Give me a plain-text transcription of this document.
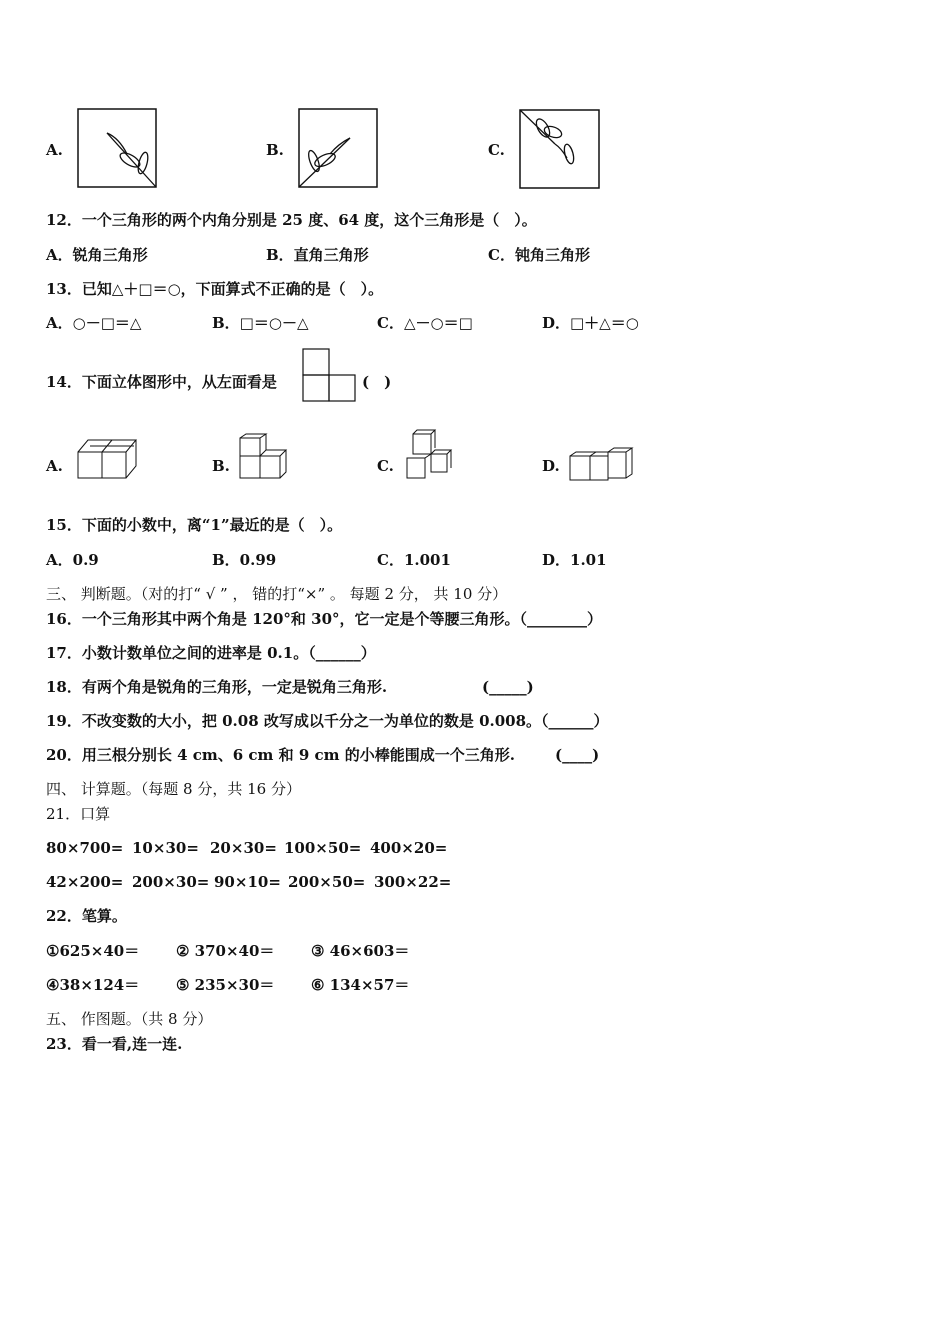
A.	B.	C.
12．一个三角形的两个内角分别是 25 度、64 度，这个三角形是（　）。
A．锐角三角形	B．直角三角形	C．钝角三角形
13．已知△＋□＝○，下面算式不正确的是（　）。
A．○－□＝△	B．□＝○－△	C．△－○＝□	D．□＋△＝○
14．下面立体图形中，从左面看是	(　)
A.	B.	C.	D.
15．下面的小数中，离“1”最近的是（　）。
A．0.9	B．0.99	C．1.001	D．1.01
三、 判断题。（对的打“ √ ” ， 错的打“×” 。 每题 2 分， 共 10 分）
16．一个三角形其中两个角是 120°和 30°，它一定是个等腰三角形。（________）
17．小数计数单位之间的进率是 0.1。（______）
18．有两个角是锐角的三角形，一定是锐角三角形.	(_____)
19．不改变数的大小，把 0.08 改写成以千分之一为单位的数是 0.008。（______）
20．用三根分别长 4 cm、6 cm 和 9 cm 的小棒能围成一个三角形.	(____)
四、 计算题。（每题 8 分，共 16 分）
21．口算
80×700= 10×30= 20×30= 100×50= 400×20=
42×200= 200×30= 90×10= 200×50= 300×22=
22．笔算。
①625×40＝ ② 370×40＝ ③ 46×603＝
④38×124＝ ⑤ 235×30＝ ⑥ 134×57＝
五、 作图题。（共 8 分）
23．看一看,连一连.
